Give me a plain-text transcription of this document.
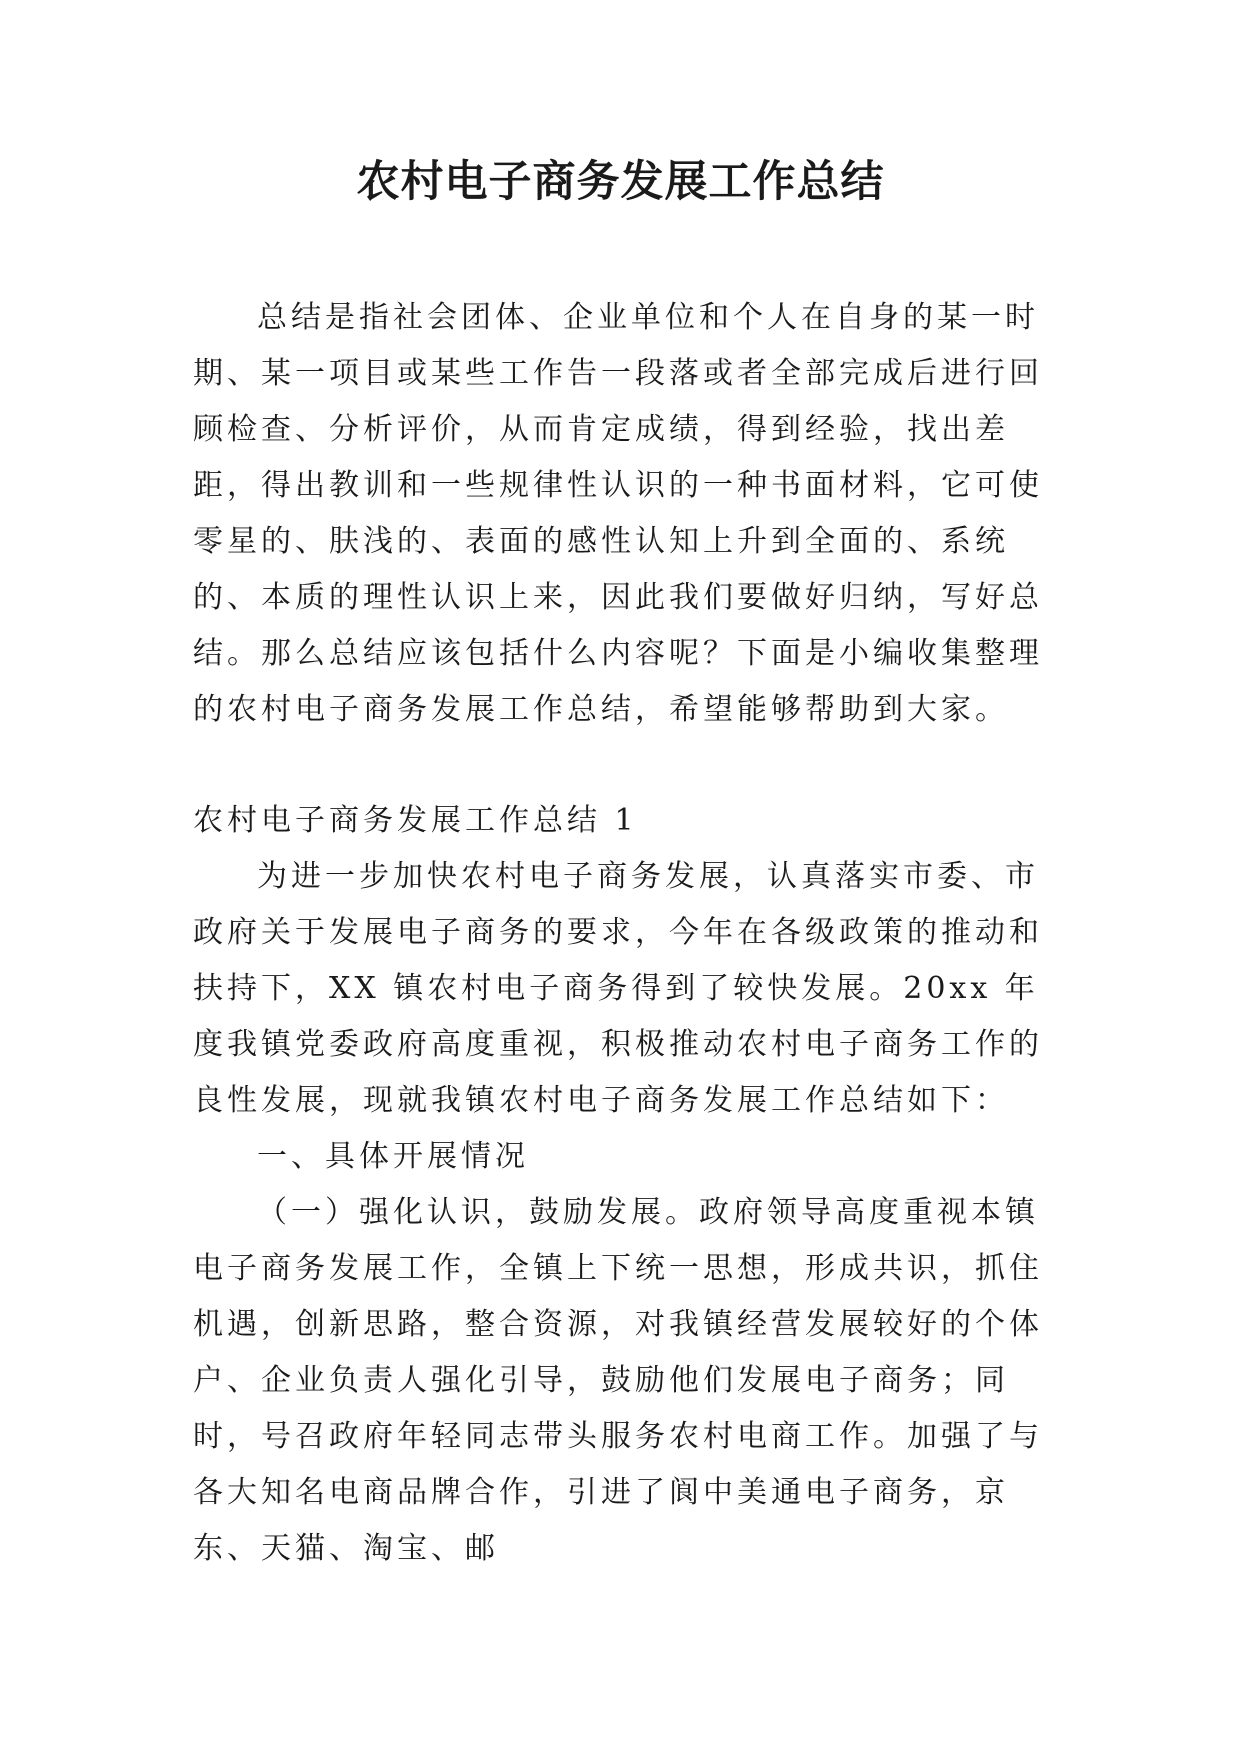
农村电子商务发展工作总结

总结是指社会团体、企业单位和个人在自身的某一时期、某一项目或某些工作告一段落或者全部完成后进行回顾检查、分析评价，从而肯定成绩，得到经验，找出差距，得出教训和一些规律性认识的一种书面材料，它可使零星的、肤浅的、表面的感性认知上升到全面的、系统的、本质的理性认识上来，因此我们要做好归纳，写好总结。那么总结应该包括什么内容呢？下面是小编收集整理的农村电子商务发展工作总结，希望能够帮助到大家。

农村电子商务发展工作总结 1

为进一步加快农村电子商务发展，认真落实市委、市政府关于发展电子商务的要求，今年在各级政策的推动和扶持下，XX 镇农村电子商务得到了较快发展。20xx 年度我镇党委政府高度重视，积极推动农村电子商务工作的良性发展，现就我镇农村电子商务发展工作总结如下：

一、具体开展情况

（一）强化认识，鼓励发展。政府领导高度重视本镇电子商务发展工作，全镇上下统一思想，形成共识，抓住机遇，创新思路，整合资源，对我镇经营发展较好的个体户、企业负责人强化引导，鼓励他们发展电子商务；同时，号召政府年轻同志带头服务农村电商工作。加强了与各大知名电商品牌合作，引进了阆中美通电子商务，京东、天猫、淘宝、邮
